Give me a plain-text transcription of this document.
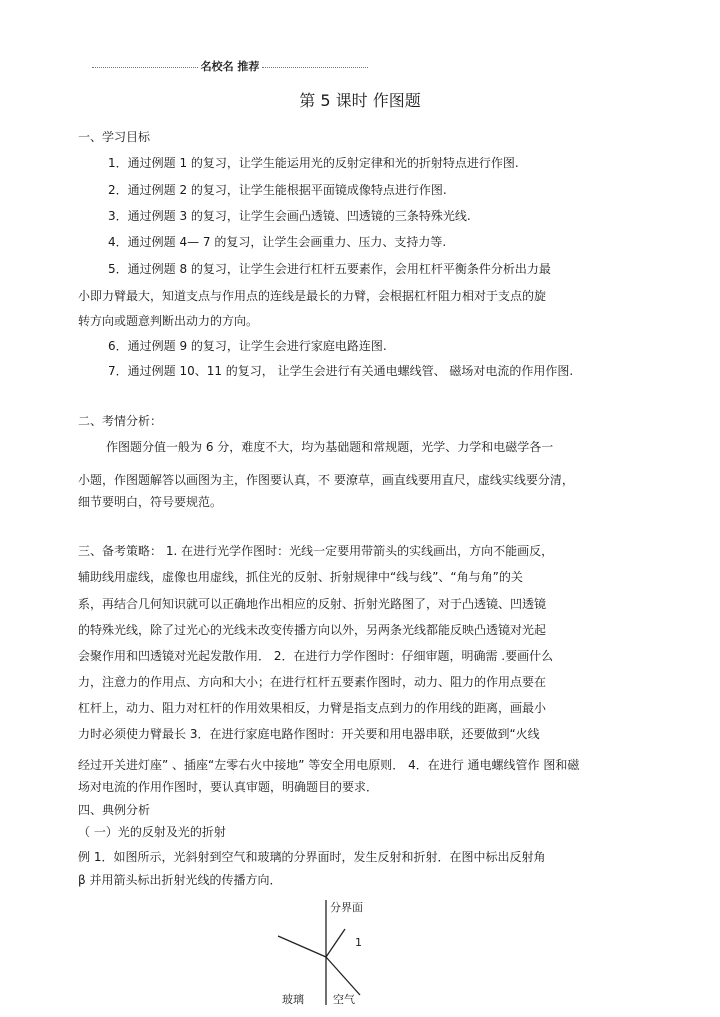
名校名 推荐
第 5 课时 作图题
一、学习目标
1．通过例题 1 的复习，让学生能运用光的反射定律和光的折射特点进行作图.
2．通过例题 2 的复习，让学生能根据平面镜成像特点进行作图.
3．通过例题 3 的复习，让学生会画凸透镜、凹透镜的三条特殊光线.
4．通过例题 4— 7 的复习，让学生会画重力、压力、支持力等.
5．通过例题 8 的复习，让学生会进行杠杆五要素作，会用杠杆平衡条件分析出力最
小即力臂最大，知道支点与作用点的连线是最长的力臂，会根据杠杆阻力相对于支点的旋
转方向或题意判断出动力的方向。
6．通过例题 9 的复习，让学生会进行家庭电路连图.
7．通过例题 10、11 的复习， 让学生会进行有关通电螺线管、 磁场对电流的作用作图.
二、考情分析：
作图题分值一般为 6 分，难度不大，均为基础题和常规题，光学、力学和电磁学各一
小题，作图题解答以画图为主，作图要认真，不 要潦草，画直线要用直尺，虚线实线要分清，
细节要明白，符号要规范。
三、备考策略： 1. 在进行光学作图时：光线一定要用带箭头的实线画出，方向不能画反，
辅助线用虚线，虚像也用虚线，抓住光的反射、折射规律中“线与线”、“角与角”的关
系，再结合几何知识就可以正确地作出相应的反射、折射光路图了，对于凸透镜、凹透镜
的特殊光线，除了过光心的光线未改变传播方向以外，另两条光线都能反映凸透镜对光起
会聚作用和凹透镜对光起发散作用． 2．在进行力学作图时：仔细审题，明确需 .要画什么
力，注意力的作用点、方向和大小；在进行杠杆五要素作图时，动力、阻力的作用点要在
杠杆上，动力、阻力对杠杆的作用效果相反，力臂是指支点到力的作用线的距离，画最小
力时必须使力臂最长 3．在进行家庭电路作图时：开关要和用电器串联，还要做到“火线
经过开关进灯座” 、插座“左零右火中接地” 等安全用电原则． 4．在进行 通电螺线管作 图和磁
场对电流的作用作图时，要认真审题，明确题目的要求．
四、典例分析
（ 一）光的反射及光的折射
例 1．如图所示，光斜射到空气和玻璃的分界面时，发生反射和折射．在图中标出反射角
β 并用箭头标出折射光线的传播方向．
分界面
1
玻璃	空气
